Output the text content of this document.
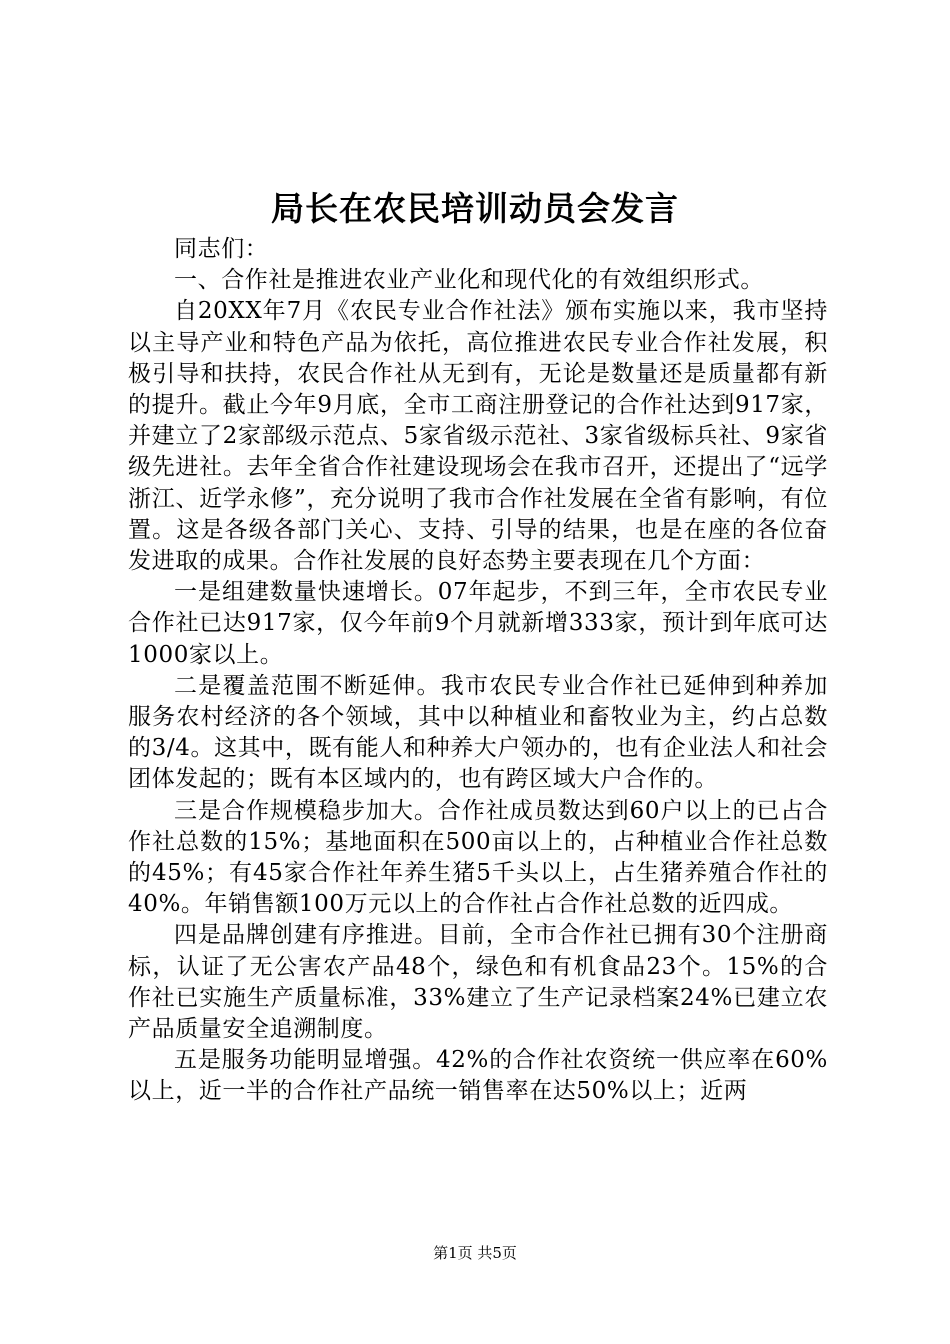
局长在农民培训动员会发言

同志们：

一、合作社是推进农业产业化和现代化的有效组织形式。

自20XX年7月《农民专业合作社法》颁布实施以来，我市坚持以主导产业和特色产品为依托，高位推进农民专业合作社发展，积极引导和扶持，农民合作社从无到有，无论是数量还是质量都有新的提升。截止今年9月底，全市工商注册登记的合作社达到917家，并建立了2家部级示范点、5家省级示范社、3家省级标兵社、9家省级先进社。去年全省合作社建设现场会在我市召开，还提出了“远学浙江、近学永修”，充分说明了我市合作社发展在全省有影响，有位置。这是各级各部门关心、支持、引导的结果，也是在座的各位奋发进取的成果。合作社发展的良好态势主要表现在几个方面：

一是组建数量快速增长。07年起步，不到三年，全市农民专业合作社已达917家，仅今年前9个月就新增333家，预计到年底可达1000家以上。

二是覆盖范围不断延伸。我市农民专业合作社已延伸到种养加服务农村经济的各个领域，其中以种植业和畜牧业为主，约占总数的3/4。这其中，既有能人和种养大户领办的，也有企业法人和社会团体发起的；既有本区域内的，也有跨区域大户合作的。

三是合作规模稳步加大。合作社成员数达到60户以上的已占合作社总数的15%；基地面积在500亩以上的，占种植业合作社总数的45%；有45家合作社年养生猪5千头以上，占生猪养殖合作社的40%。年销售额100万元以上的合作社占合作社总数的近四成。

四是品牌创建有序推进。目前，全市合作社已拥有30个注册商标，认证了无公害农产品48个，绿色和有机食品23个。15%的合作社已实施生产质量标准，33%建立了生产记录档案24%已建立农产品质量安全追溯制度。

五是服务功能明显增强。42%的合作社农资统一供应率在60%以上，近一半的合作社产品统一销售率在达50%以上；近两

第1页 共5页
